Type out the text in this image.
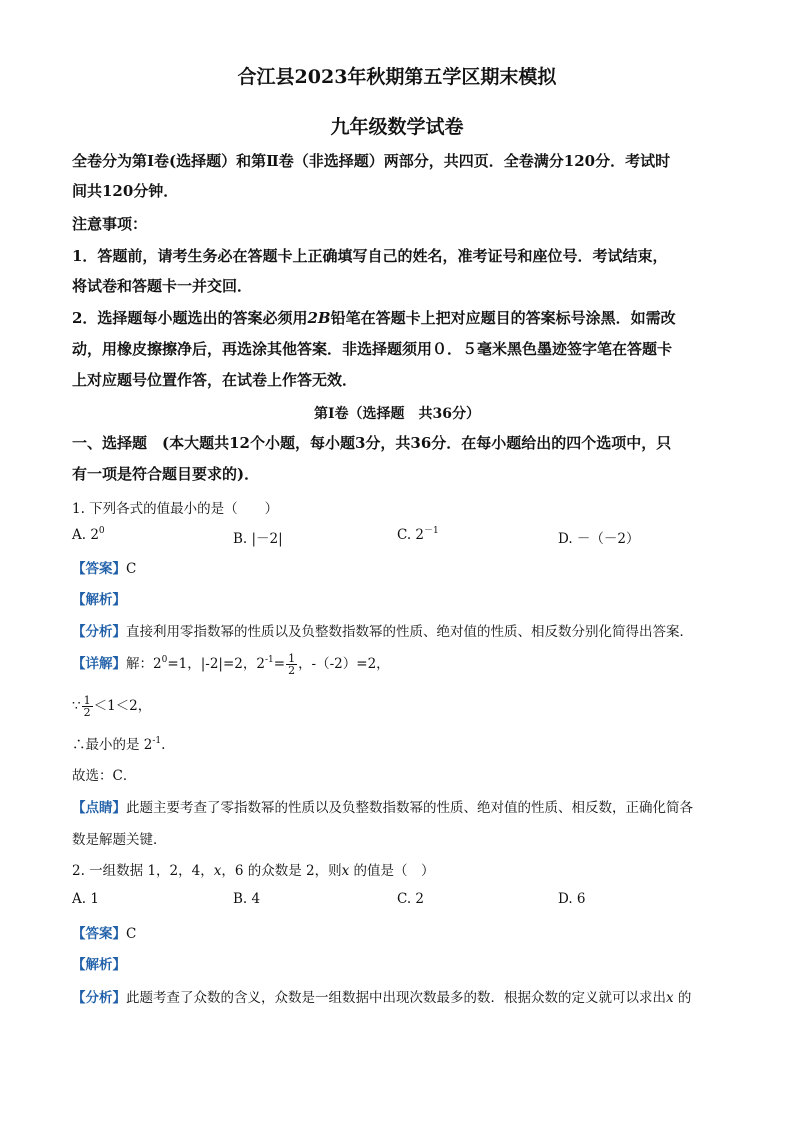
合江县2023年秋期第五学区期末模拟
九年级数学试卷
全卷分为第Ⅰ卷(选择题）和第Ⅱ卷（非选择题）两部分，共四页．全卷满分120分．考试时
间共120分钟．
注意事项：
1．答题前，请考生务必在答题卡上正确填写自己的姓名，准考证号和座位号．考试结束，
将试卷和答题卡一并交回．
2．选择题每小题选出的答案必须用2B铅笔在答题卡上把对应题目的答案标号涂黑．如需改
动，用橡皮擦擦净后，再选涂其他答案．非选择题须用０．５毫米黑色墨迹签字笔在答题卡
上对应题号位置作答，在试卷上作答无效．
第Ⅰ卷（选择题　共36分）
一、选择题　(本大题共12个小题，每小题3分，共36分．在每小题给出的四个选项中，只
有一项是符合题目要求的)．
1. 下列各式的值最小的是（　　）
A. $2^0$	B. |－2|	C. $2^{-1}$	D. －（－2）
【答案】C
【解析】
【分析】直接利用零指数幂的性质以及负整数指数幂的性质、绝对值的性质、相反数分别化简得出答案．
【详解】解：$2^0=1$，|-2|=2，$2^{-1}= \frac{1}{2}$ ，-（-2）=2，
∵ $\frac{1}{2} <1<2$，
∴最小的是 $2^{-1}$.
故选：C．
【点睛】此题主要考查了零指数幂的性质以及负整数指数幂的性质、绝对值的性质、相反数，正确化简各
数是解题关键．
2. 一组数据 1，2，4，x，6 的众数是 2，则x 的值是（　）
A. 1	B. 4	C. 2	D. 6
【答案】C
【解析】
【分析】此题考查了众数的含义，众数是一组数据中出现次数最多的数．根据众数的定义就可以求出x 的
